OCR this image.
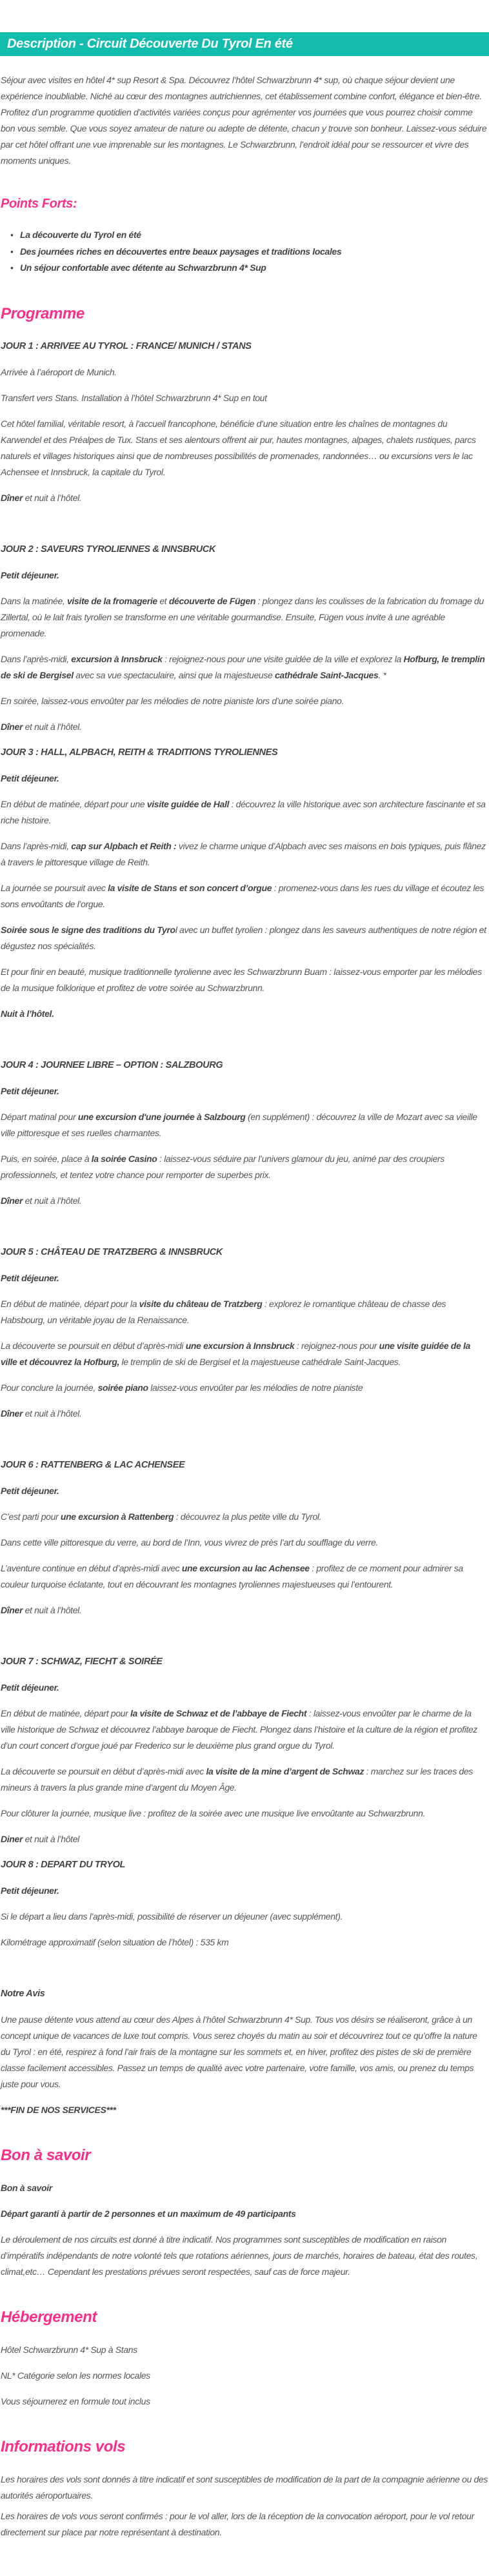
Description - Circuit Découverte Du Tyrol En été

Séjour avec visites en hôtel 4* sup Resort & Spa. Découvrez l’hôtel Schwarzbrunn 4* sup, où chaque séjour devient une expérience inoubliable. Niché au cœur des montagnes autrichiennes, cet établissement combine confort, élégance et bien-être. Profitez d’un programme quotidien d’activités variées conçus pour agrémenter vos journées que vous pourrez choisir comme bon vous semble. Que vous soyez amateur de nature ou adepte de détente, chacun y trouve son bonheur. Laissez-vous séduire par cet hôtel offrant une vue imprenable sur les montagnes. Le Schwarzbrunn, l’endroit idéal pour se ressourcer et vivre des moments uniques.

Points Forts:
• La découverte du Tyrol en été
• Des journées riches en découvertes entre beaux paysages et traditions locales
• Un séjour confortable avec détente au Schwarzbrunn 4* Sup
Programme
JOUR 1 : ARRIVEE AU TYROL : FRANCE/ MUNICH / STANS

Arrivée à l’aéroport de Munich.

Transfert vers Stans. Installation à l’hôtel Schwarzbrunn 4* Sup en tout

Cet hôtel familial, véritable resort, à l'accueil francophone, bénéficie d’une situation entre les chaînes de montagnes du Karwendel et des Préalpes de Tux. Stans et ses alentours offrent air pur, hautes montagnes, alpages, chalets rustiques, parcs naturels et villages historiques ainsi que de nombreuses possibilités de promenades, randonnées… ou excursions vers le lac Achensee et Innsbruck, la capitale du Tyrol.

Dîner et nuit à l’hôtel.

JOUR 2 : SAVEURS TYROLIENNES & INNSBRUCK

Petit déjeuner.

Dans la matinée, visite de la fromagerie et découverte de Fügen : plongez dans les coulisses de la fabrication du fromage du Zillertal, où le lait frais tyrolien se transforme en une véritable gourmandise. Ensuite, Fügen vous invite à une agréable promenade.

Dans l’après-midi, excursion à Innsbruck : rejoignez-nous pour une visite guidée de la ville et explorez la Hofburg, le tremplin de ski de Bergisel avec sa vue spectaculaire, ainsi que la majestueuse cathédrale Saint-Jacques. *

En soirée, laissez-vous envoûter par les mélodies de notre pianiste lors d’une soirée piano.

Dîner et nuit à l’hôtel.

JOUR 3 : HALL, ALPBACH, REITH & TRADITIONS TYROLIENNES

Petit déjeuner.

En début de matinée, départ pour une visite guidée de Hall : découvrez la ville historique avec son architecture fascinante et sa riche histoire.

Dans l’après-midi, cap sur Alpbach et Reith : vivez le charme unique d’Alpbach avec ses maisons en bois typiques, puis flânez à travers le pittoresque village de Reith.

La journée se poursuit avec la visite de Stans et son concert d’orgue : promenez-vous dans les rues du village et écoutez les sons envoûtants de l’orgue.

Soirée sous le signe des traditions du Tyrol avec un buffet tyrolien : plongez dans les saveurs authentiques de notre région et dégustez nos spécialités.

Et pour finir en beauté, musique traditionnelle tyrolienne avec les Schwarzbrunn Buam : laissez-vous emporter par les mélodies de la musique folklorique et profitez de votre soirée au Schwarzbrunn.

Nuit à l’hôtel.

JOUR 4 : JOURNEE LIBRE – OPTION : SALZBOURG

Petit déjeuner.

Départ matinal pour une excursion d'une journée à Salzbourg (en supplément) : découvrez la ville de Mozart avec sa vieille ville pittoresque et ses ruelles charmantes.

Puis, en soirée, place à la soirée Casino : laissez-vous séduire par l’univers glamour du jeu, animé par des croupiers professionnels, et tentez votre chance pour remporter de superbes prix.

Dîner et nuit à l’hôtel.

JOUR 5 : CHÂTEAU DE TRATZBERG & INNSBRUCK

Petit déjeuner.

En début de matinée, départ pour la visite du château de Tratzberg : explorez le romantique château de chasse des Habsbourg, un véritable joyau de la Renaissance.

La découverte se poursuit en début d’après-midi une excursion à Innsbruck : rejoignez-nous pour une visite guidée de la ville et découvrez la Hofburg, le tremplin de ski de Bergisel et la majestueuse cathédrale Saint-Jacques.

Pour conclure la journée, soirée piano laissez-vous envoûter par les mélodies de notre pianiste

Dîner et nuit à l’hôtel.

JOUR 6 : RATTENBERG & LAC ACHENSEE

Petit déjeuner.

C’est parti pour une excursion à Rattenberg : découvrez la plus petite ville du Tyrol.

Dans cette ville pittoresque du verre, au bord de l’Inn, vous vivrez de près l’art du soufflage du verre.

L’aventure continue en début d’après-midi avec une excursion au lac Achensee : profitez de ce moment pour admirer sa couleur turquoise éclatante, tout en découvrant les montagnes tyroliennes majestueuses qui l’entourent.

Dîner et nuit à l’hôtel.

JOUR 7 : SCHWAZ, FIECHT & SOIRÉE

Petit déjeuner.

En début de matinée, départ pour la visite de Schwaz et de l’abbaye de Fiecht : laissez-vous envoûter par le charme de la ville historique de Schwaz et découvrez l’abbaye baroque de Fiecht. Plongez dans l’histoire et la culture de la région et profitez d’un court concert d’orgue joué par Frederico sur le deuxième plus grand orgue du Tyrol.

La découverte se poursuit en début d’après-midi avec la visite de la mine d’argent de Schwaz : marchez sur les traces des mineurs à travers la plus grande mine d’argent du Moyen Âge.

Pour clôturer la journée, musique live : profitez de la soirée avec une musique live envoûtante au Schwarzbrunn.

Diner et nuit à l’hôtel

JOUR 8 : DEPART DU TRYOL

Petit déjeuner.

Si le départ a lieu dans l’après-midi, possibilité de réserver un déjeuner (avec supplément).

Kilométrage approximatif (selon situation de l’hôtel) : 535 km

Notre Avis

Une pause détente vous attend au cœur des Alpes à l’hôtel Schwarzbrunn 4* Sup. Tous vos désirs se réaliseront, grâce à un concept unique de vacances de luxe tout compris. Vous serez choyés du matin au soir et découvrirez tout ce qu’offre la nature du Tyrol : en été, respirez à fond l’air frais de la montagne sur les sommets et, en hiver, profitez des pistes de ski de première classe facilement accessibles. Passez un temps de qualité avec votre partenaire, votre famille, vos amis, ou prenez du temps juste pour vous.

***FIN DE NOS SERVICES***

Bon à savoir

Bon à savoir

Départ garanti à partir de 2 personnes et un maximum de 49 participants

Le déroulement de nos circuits est donné à titre indicatif. Nos programmes sont susceptibles de modification en raison d’impératifs indépendants de notre volonté tels que rotations aériennes, jours de marchés, horaires de bateau, état des routes, climat,etc… Cependant les prestations prévues seront respectées, sauf cas de force majeur.

Hébergement

Hôtel Schwarzbrunn 4* Sup à Stans

NL* Catégorie selon les normes locales

Vous séjournerez en formule tout inclus

Informations vols

Les horaires des vols sont donnés à titre indicatif et sont susceptibles de modification de la part de la compagnie aérienne ou des autorités aéroportuaires.

Les horaires de vols vous seront confirmés : pour le vol aller, lors de la réception de la convocation aéroport, pour le vol retour directement sur place par notre représentant à destination.
